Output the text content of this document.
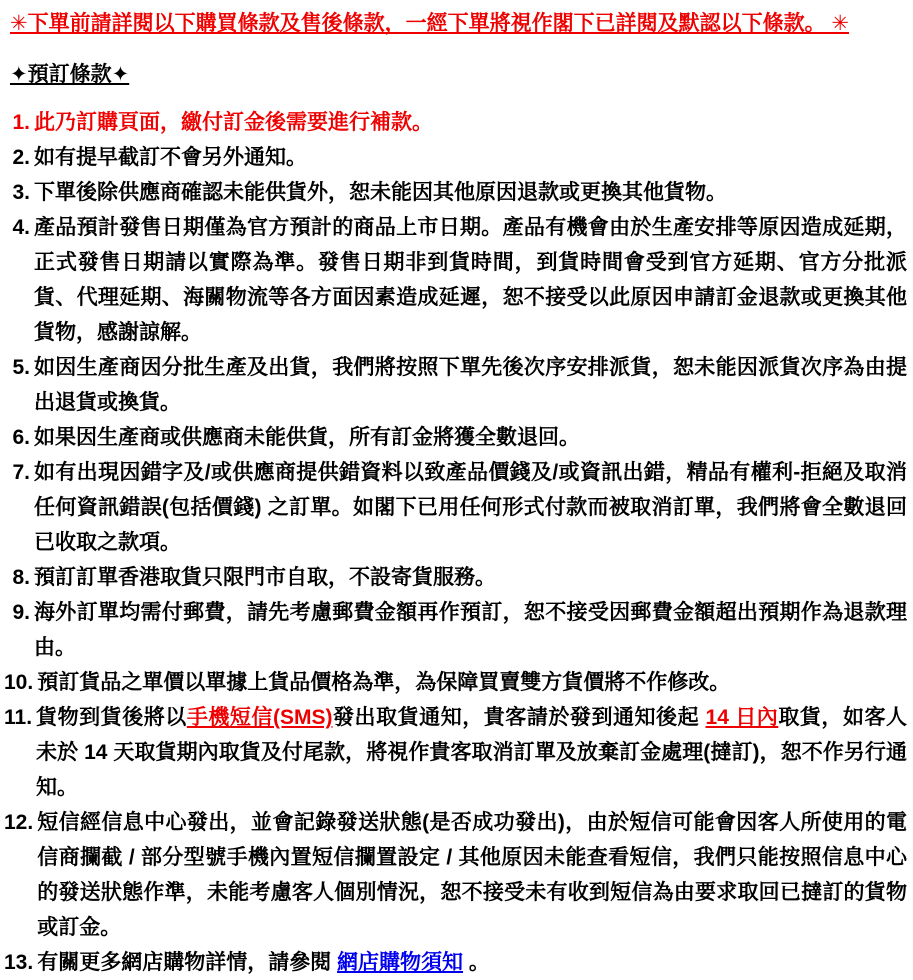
✳下單前請詳閱以下購買條款及售後條款，一經下單將視作閣下已詳閱及默認以下條款。 ✳

✦預訂條款✦
1. 此乃訂購頁面，繳付訂金後需要進行補款。
2. 如有提早截訂不會另外通知。
3. 下單後除供應商確認未能供貨外，恕未能因其他原因退款或更換其他貨物。
4. 產品預計發售日期僅為官方預計的商品上市日期。產品有機會由於生產安排等原因造成延期，正式發售日期請以實際為準。發售日期非到貨時間，到貨時間會受到官方延期、官方分批派貨、代理延期、海關物流等各方面因素造成延遲，恕不接受以此原因申請訂金退款或更換其他貨物，感謝諒解。
5. 如因生產商因分批生產及出貨，我們將按照下單先後次序安排派貨，恕未能因派貨次序為由提出退貨或換貨。
6. 如果因生產商或供應商未能供貨，所有訂金將獲全數退回。
7. 如有出現因錯字及/或供應商提供錯資料以致產品價錢及/或資訊出錯，精品有權利-拒絕及取消任何資訊錯誤(包括價錢) 之訂單。如閣下已用任何形式付款而被取消訂單，我們將會全數退回已收取之款項。
8. 預訂訂單香港取貨只限門市自取，不設寄貨服務。
9. 海外訂單均需付郵費，請先考慮郵費金額再作預訂，恕不接受因郵費金額超出預期作為退款理由。
10. 預訂貨品之單價以單據上貨品價格為準，為保障買賣雙方貨價將不作修改。
11. 貨物到貨後將以手機短信(SMS)發出取貨通知，貴客請於發到通知後起 14 日內取貨，如客人未於 14 天取貨期內取貨及付尾款，將視作貴客取消訂單及放棄訂金處理(撻訂)，恕不作另行通知。
12. 短信經信息中心發出，並會記錄發送狀態(是否成功發出)，由於短信可能會因客人所使用的電信商攔截 / 部分型號手機內置短信攔置設定 / 其他原因未能查看短信，我們只能按照信息中心的發送狀態作準，未能考慮客人個別情況，恕不接受未有收到短信為由要求取回已撻訂的貨物或訂金。
13. 有關更多網店購物詳情，請參閱 網店購物須知 。
